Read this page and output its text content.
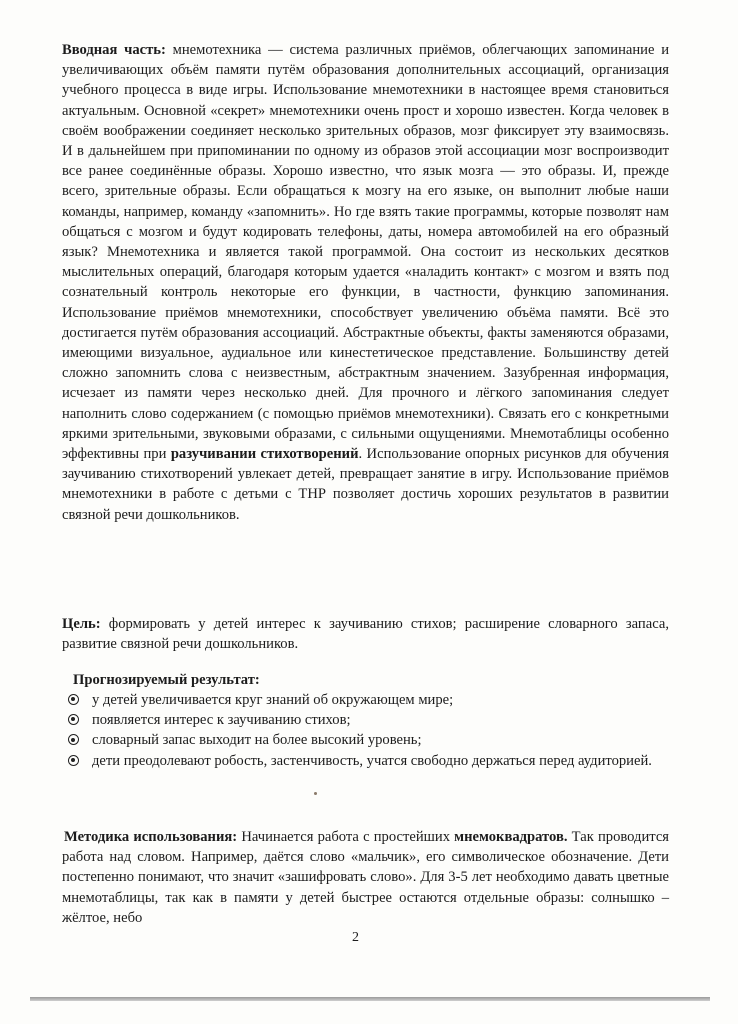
Вводная часть: мнемотехника — система различных приёмов, облегчающих запоминание и увеличивающих объём памяти путём образования дополнительных ассоциаций, организация учебного процесса в виде игры. Использование мнемотехники в настоящее время становиться актуальным. Основной «секрет» мнемотехники очень прост и хорошо известен. Когда человек в своём воображении соединяет несколько зрительных образов, мозг фиксирует эту взаимосвязь. И в дальнейшем при припоминании по одному из образов этой ассоциации мозг воспроизводит все ранее соединённые образы. Хорошо известно, что язык мозга — это образы. И, прежде всего, зрительные образы. Если обращаться к мозгу на его языке, он выполнит любые наши команды, например, команду «запомнить». Но где взять такие программы, которые позволят нам общаться с мозгом и будут кодировать телефоны, даты, номера автомобилей на его образный язык? Мнемотехника и является такой программой. Она состоит из нескольких десятков мыслительных операций, благодаря которым удается «наладить контакт» с мозгом и взять под сознательный контроль некоторые его функции, в частности, функцию запоминания. Использование приёмов мнемотехники, способствует увеличению объёма памяти. Всё это достигается путём образования ассоциаций. Абстрактные объекты, факты заменяются образами, имеющими визуальное, аудиальное или кинестетическое представление. Большинству детей сложно запомнить слова с неизвестным, абстрактным значением. Зазубренная информация, исчезает из памяти через несколько дней. Для прочного и лёгкого запоминания следует наполнить слово содержанием (с помощью приёмов мнемотехники). Связать его с конкретными яркими зрительными, звуковыми образами, с сильными ощущениями. Мнемотаблицы особенно эффективны при разучивании стихотворений. Использование опорных рисунков для обучения заучиванию стихотворений увлекает детей, превращает занятие в игру. Использование приёмов мнемотехники в работе с детьми с ТНР позволяет достичь хороших результатов в развитии связной речи дошкольников.

Цель: формировать у детей интерес к заучиванию стихов; расширение словарного запаса, развитие связной речи дошкольников.

Прогнозируемый результат:

у детей увеличивается круг знаний об окружающем мире;
появляется интерес к заучиванию стихов;
словарный запас выходит на более высокий уровень;
дети преодолевают робость, застенчивость, учатся свободно держаться перед аудиторией.

Методика использования: Начинается работа с простейших мнемоквадратов. Так проводится работа над словом. Например, даётся слово «мальчик», его символическое обозначение. Дети постепенно понимают, что значит «зашифровать слово». Для 3-5 лет необходимо давать цветные мнемотаблицы, так как в памяти у детей быстрее остаются отдельные образы: солнышко – жёлтое, небо

2
